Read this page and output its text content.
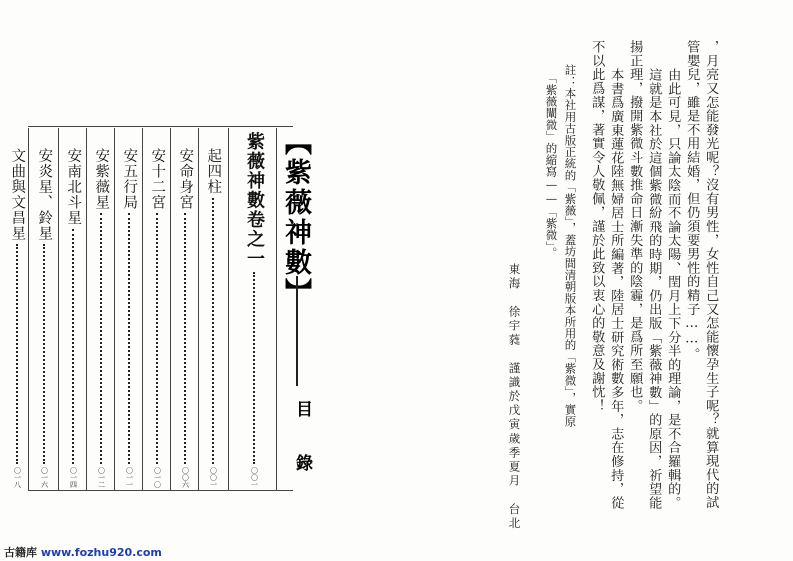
，月亮又怎能發光呢？沒有男性，女性自己又怎能懷孕生子呢？就算現代的試
管嬰兒，雖是不用結婚，但仍須要男性的精子……。
由此可見，只論太陰而不論太陽、閏月上下分半的理論，是不合羅輯的。
這就是本社於這個紫微紛飛的時期，仍出版「紫薇神數」的原因，祈望能
揚正理，撥開紫微斗數推命日漸失準的陰霾，是爲所至願也。
本書爲廣東蓮花陸無婦居士所編著，陸居士研究術數多年，志在修持，從
不以此爲謀，著實令人敬佩，謹於此致以衷心的敬意及謝忱！
註：本社用古版正統的「紫薇」，蓋坊間清朝版本所用的「紫微」，實原
「紫薇闡微」的縮寫——「紫微」。
東海　徐宇蕤　謹識於戊寅歲季夏月　台北
【紫薇神數】
目　錄
紫薇神數卷之一
〇〇一
起四柱
〇〇一
安命身宮
〇〇六
安十二宮
〇一〇
安五行局
〇一一
安紫薇星
〇一二
安南北斗星
〇一四
安炎星、鈴星
〇一六
文曲與文昌星
〇一八
古籍库 www.fozhu920.com
